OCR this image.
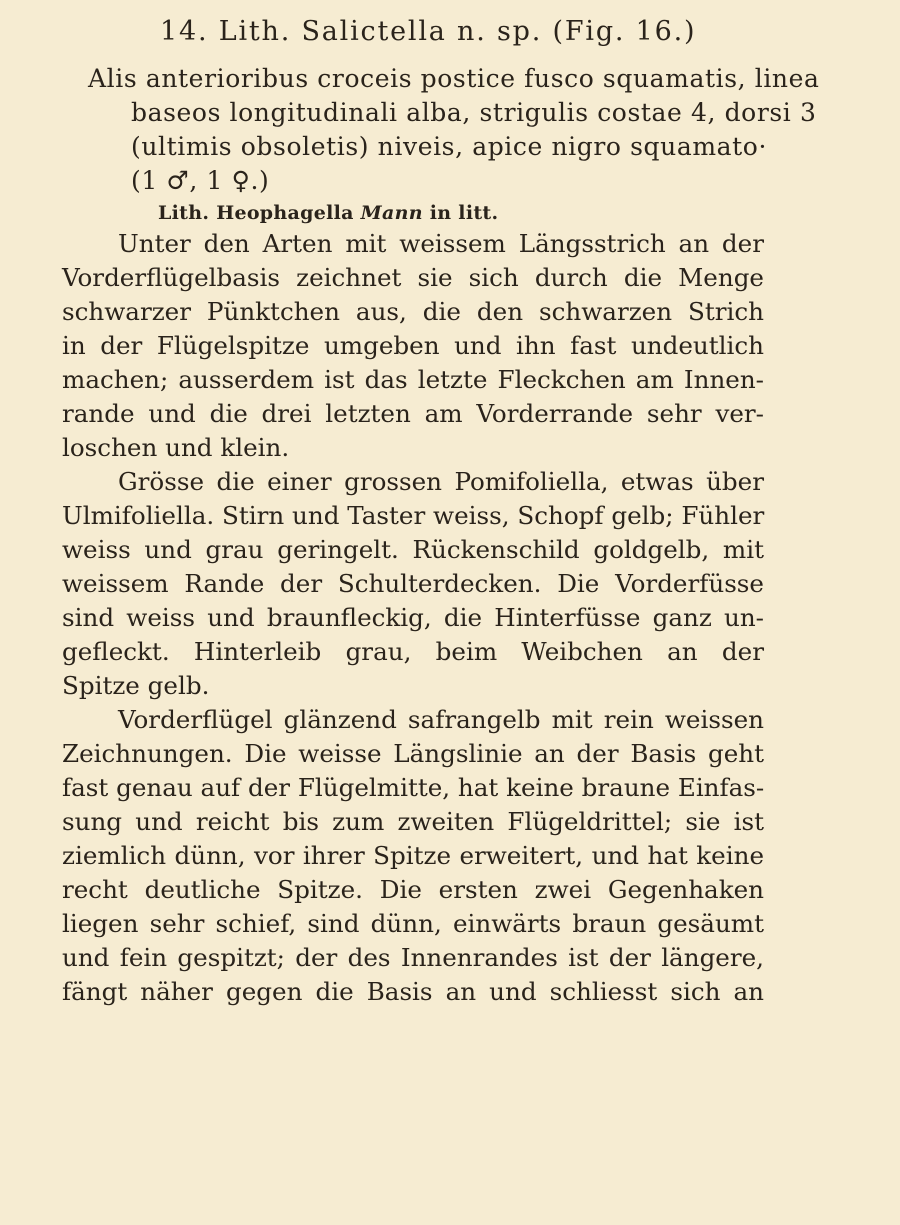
14. Lith. Salictella n. sp. (Fig. 16.)
Alis anterioribus croceis postice fusco squamatis, linea
baseos longitudinali alba, strigulis costae 4, dorsi 3
(ultimis obsoletis) niveis, apice nigro squamato·
(1 ♂, 1 ♀.)
Lith. Heophagella Mann in litt.
Unter den Arten mit weissem Längsstrich an der
Vorderflügelbasis zeichnet sie sich durch die Menge
schwarzer Pünktchen aus, die den schwarzen Strich
in der Flügelspitze umgeben und ihn fast undeutlich
machen; ausserdem ist das letzte Fleckchen am Innen-
rande und die drei letzten am Vorderrande sehr ver-
loschen und klein.
Grösse die einer grossen Pomifoliella, etwas über
Ulmifoliella. Stirn und Taster weiss, Schopf gelb; Fühler
weiss und grau geringelt. Rückenschild goldgelb, mit
weissem Rande der Schulterdecken. Die Vorderfüsse
sind weiss und braunfleckig, die Hinterfüsse ganz un-
gefleckt. Hinterleib grau, beim Weibchen an der
Spitze gelb.
Vorderflügel glänzend safrangelb mit rein weissen
Zeichnungen. Die weisse Längslinie an der Basis geht
fast genau auf der Flügelmitte, hat keine braune Einfas-
sung und reicht bis zum zweiten Flügeldrittel; sie ist
ziemlich dünn, vor ihrer Spitze erweitert, und hat keine
recht deutliche Spitze. Die ersten zwei Gegenhaken
liegen sehr schief, sind dünn, einwärts braun gesäumt
und fein gespitzt; der des Innenrandes ist der längere,
fängt näher gegen die Basis an und schliesst sich an
